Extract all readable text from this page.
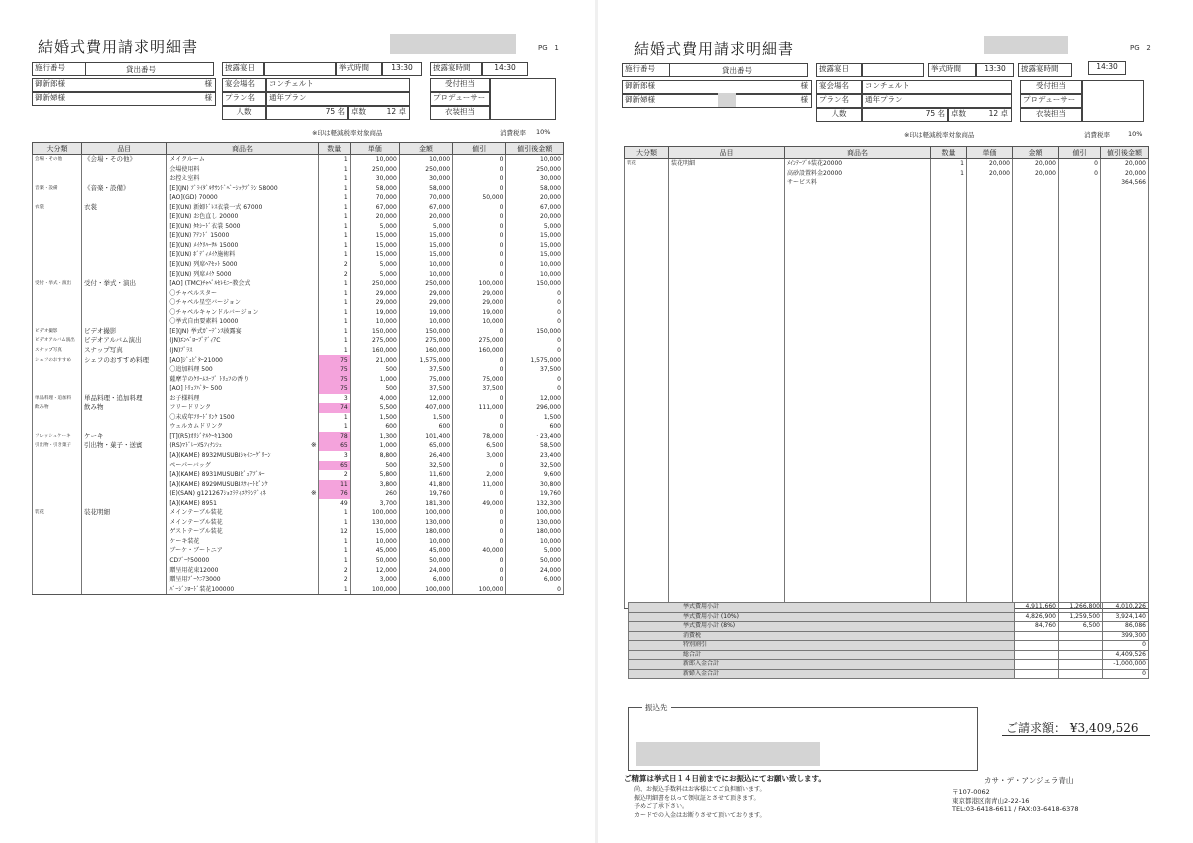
結婚式費用請求明細書	PG 1
施行番号	貸出番号	披露宴日	挙式時間	13:30	披露宴時間	14:30
御新郎様	様
御新婦様	様
宴会場名	コンチェルト
プラン名	通年プラン
人数	75 名 卓数	12 卓
受付担当
プロデューサー
衣装担当
※印は軽減税率対象商品	消費税率 10%
大分類	品目	商品名	数量	単価	金額	値引	値引後金額
会場・その他	《会場・その他》	メイクルーム	1	10,000	10,000	0	10,000
		会場使用料	1	250,000	250,000	0	250,000
		お控え室料	1	30,000	30,000	0	30,000
音楽・設備	《音楽・設備》	[E](JN) ﾌﾞﾗｲﾀﾞﾙｻｳﾝﾄﾞﾍﾞｰｼｯｸﾌﾟﾗﾝ 58000	1	58,000	58,000	0	58,000
		[AO](GD) 70000	1	70,000	70,000	50,000	20,000
衣裳	衣裳	[E](UN) 新婦ﾄﾞﾚｽ衣裳一式 67000	1	67,000	67,000	0	67,000
		[E](UN) お色直し 20000	1	20,000	20,000	0	20,000
		[E](UN) ﾀｷｼｰﾄﾞ衣裳 5000	1	5,000	5,000	0	5,000
		[E](UN) ｱﾃﾝﾄﾞ 15000	1	15,000	15,000	0	15,000
		[E](UN) ﾒｲｸﾘﾊｰｻﾙ 15000	1	15,000	15,000	0	15,000
		[E](UN) ﾎﾞﾃﾞｨﾒｲｸ施術料	1	15,000	15,000	0	15,000
		[E](UN) 列席ﾍｱｾｯﾄ 5000	2	5,000	10,000	0	10,000
		[E](UN) 列席ﾒｲｸ 5000	2	5,000	10,000	0	10,000
受付・挙式・演出	受付・挙式・演出	[AO] (TMC)ﾁｬﾍﾟﾙｾﾚﾓﾆｰ教会式	1	250,000	250,000	100,000	150,000
		〇チャペルスター	1	29,000	29,000	29,000	0
		〇チャペル星空バージョン	1	29,000	29,000	29,000	0
		〇チャペルキャンドルバージョン	1	19,000	19,000	19,000	0
		〇挙式自由要素料 10000	1	10,000	10,000	10,000	0
ビデオ撮影	ビデオ撮影	[E](JN) 挙式ｶﾞｰﾃﾞﾝｽ披露宴	1	150,000	150,000	0	150,000
ビデオアルバム演出	ビデオアルバム演出	(JN)ｴﾝﾍﾞﾛｰﾌﾟﾃﾞｨｱC	1	275,000	275,000	275,000	0
スナップ写真	スナップ写真	(JN)ﾌﾟﾗｽ	1	160,000	160,000	160,000	0
シェフのおすすめ	シェフのおすすめ料理	[AO]ｼﾞｭﾋﾟﾀｰ21000	75	21,000	1,575,000	0	1,575,000
		〇追加料理 500	75	500	37,500	0	37,500
		薩摩芋のｸﾘｰﾑｽｰﾌﾟ ﾄﾘｭﾌの香り	75	1,000	75,000	75,000	0
		[AO] ﾄﾘｭﾌﾊﾞﾀｰ 500	75	500	37,500	37,500	0
単品料理・追加料	単品料理・追加料理	お子様料理	3	4,000	12,000	0	12,000
飲み物	飲み物	フリードリンク	74	5,500	407,000	111,000	296,000
		〇未成年ﾌﾘｰﾄﾞﾘﾝｸ 1500	1	1,500	1,500	0	1,500
		ウェルカムドリンク	1	600	600	0	600
フレッシュケーキ	ケーキ	[T](R5)ｵﾘｼﾞﾅﾙｹｰｷ1300	78	1,300	101,400	78,000	· 23,400
引出物・引き菓子	引出物・菓子・送賓	(RS)ﾏﾄﾞﾚｰﾇ5ﾌｨﾅﾝｼｪ ※	65	1,000	65,000	6,500	58,500
		[A](KAME) 8932MUSUBIｼｬｲﾆｰｸﾞﾘｰﾝ	3	8,800	26,400	3,000	23,400
		ペーパーバッグ	65	500	32,500	0	32,500
		[A](KAME) 8931MUSUBIﾋﾟｭｱﾌﾞﾙｰ	2	5,800	11,600	2,000	9,600
		[A](KAME) 8929MUSUBIｽｳｨｰﾄﾋﾟﾝｸ	11	3,800	41,800	11,000	30,800
		(E)(SAN) g121267ｼｮｺﾗﾃｨｴｸﾗﾝﾃﾞｨﾈ ※	76	260	19,760	0	19,760
		[A](KAME) 8951	49	3,700	181,300	49,000	132,300
装花	装花明細	メインテーブル装花	1	100,000	100,000	0	100,000
		メインテーブル装花	1	130,000	130,000	0	130,000
		ゲストテーブル装花	12	15,000	180,000	0	180,000
		ケーキ装花	1	10,000	10,000	0	10,000
		ブーケ・ブートニア	1	45,000	45,000	40,000	5,000
		CDﾌﾞｰｹ50000	1	50,000	50,000	0	50,000
		贈呈用花束12000	2	12,000	24,000	0	24,000
		贈呈用ﾌﾞｰｹﾆｱ3000	2	3,000	6,000	0	6,000
		ﾊﾞｰｼﾞﾝﾛｰﾄﾞ装花100000	1	100,000	100,000	100,000	0
結婚式費用請求明細書	PG 2
施行番号	貸出番号	披露宴日	挙式時間	13:30	披露宴時間	14:30
御新郎様	様
御新婦様	様
宴会場名	コンチェルト
プラン名	通年プラン
人数	75 名 卓数	12 卓
受付担当
プロデューサー
衣装担当
※印は軽減税率対象商品	消費税率	10%
大分類	品目	商品名	数量	単価	金額	値引	値引後金額
装花	装花明細	ﾒｲﾝﾃｰﾌﾞﾙ装花20000	1	20,000	20,000	0	20,000
		高砂設置料金20000	1	20,000	20,000	0	20,000
		サービス料					364,566

挙式費用小計	4,911,660	1,266,800	4,010,226
挙式費用小計 (10%)	4,826,900	1,259,500	3,924,140
挙式費用小計 (8%)	84,760	6,500	86,086
消費税			399,300
特別割引			0
総合計			4,409,526
新郎入金合計			-1,000,000
新婦入金合計			0
ご請求額： ¥3,409,526
振込先
ご精算は挙式日１４日前までにお振込にてお願い致します。
尚、お振込手数料はお客様にてご負担願います。
振込明細書を以って領収証とさせて頂きます。
予めご了承下さい。
カードでの入金はお断りさせて頂いております。
カサ・デ・アンジェラ青山
〒107-0062
東京都港区南青山2-22-16
TEL:03-6418-6611 / FAX:03-6418-6378
